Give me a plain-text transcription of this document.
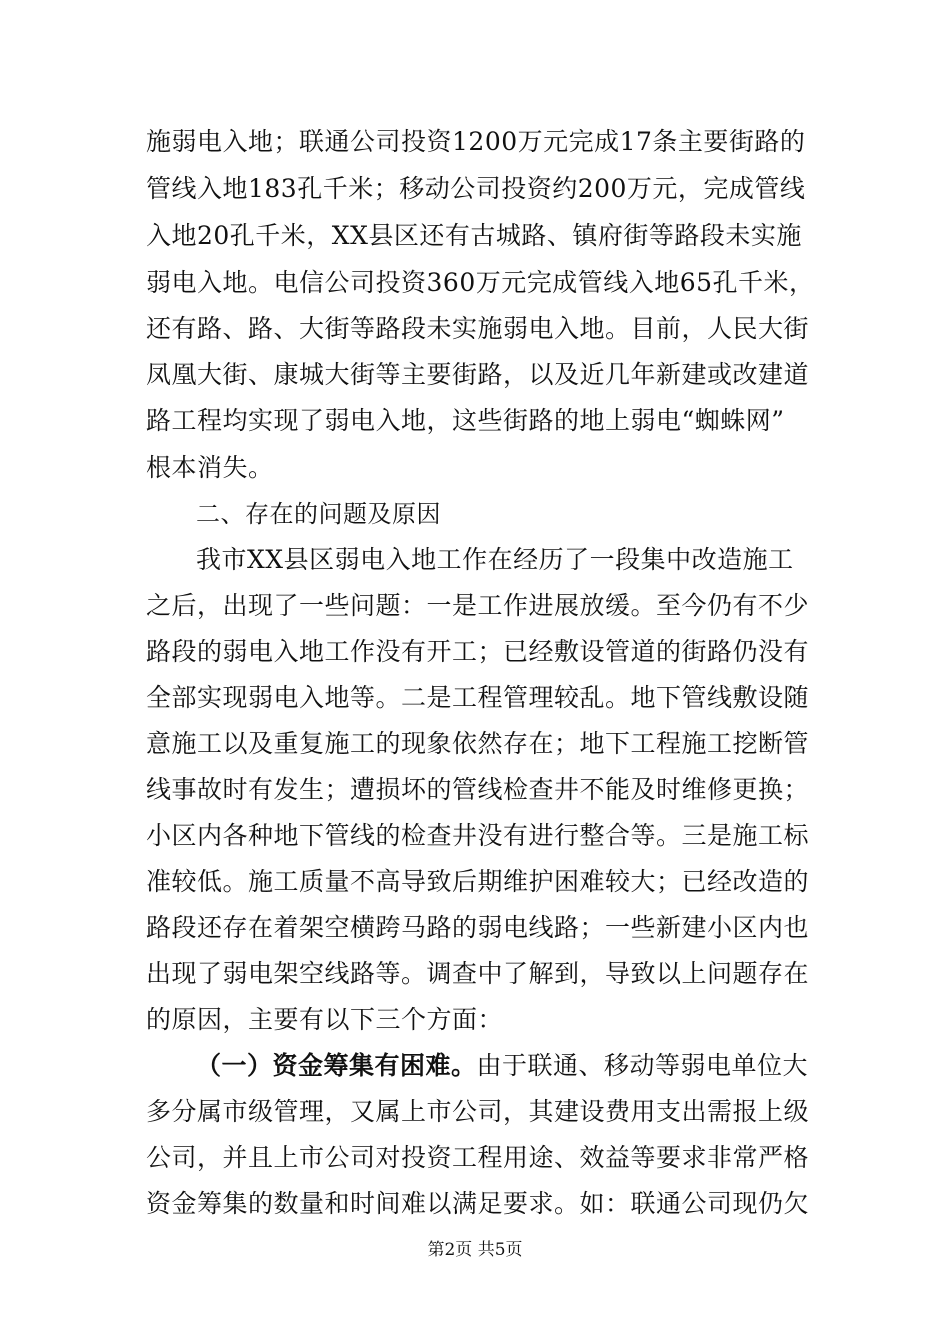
施弱电入地；联通公司投资1200万元完成17条主要街路的
管线入地183孔千米；移动公司投资约200万元，完成管线
入地20孔千米，XX县区还有古城路、镇府街等路段未实施
弱电入地。电信公司投资360万元完成管线入地65孔千米，
还有路、路、大街等路段未实施弱电入地。目前，人民大街
凤凰大街、康城大街等主要街路，以及近几年新建或改建道
路工程均实现了弱电入地，这些街路的地上弱电“蜘蛛网”
根本消失。
二、存在的问题及原因
我市XX县区弱电入地工作在经历了一段集中改造施工
之后，出现了一些问题：一是工作进展放缓。至今仍有不少
路段的弱电入地工作没有开工；已经敷设管道的街路仍没有
全部实现弱电入地等。二是工程管理较乱。地下管线敷设随
意施工以及重复施工的现象依然存在；地下工程施工挖断管
线事故时有发生；遭损坏的管线检查井不能及时维修更换；
小区内各种地下管线的检查井没有进行整合等。三是施工标
准较低。施工质量不高导致后期维护困难较大；已经改造的
路段还存在着架空横跨马路的弱电线路；一些新建小区内也
出现了弱电架空线路等。调查中了解到，导致以上问题存在
的原因，主要有以下三个方面：
（一）资金筹集有困难。由于联通、移动等弱电单位大
多分属市级管理，又属上市公司，其建设费用支出需报上级
公司，并且上市公司对投资工程用途、效益等要求非常严格
资金筹集的数量和时间难以满足要求。如：联通公司现仍欠
第2页 共5页
